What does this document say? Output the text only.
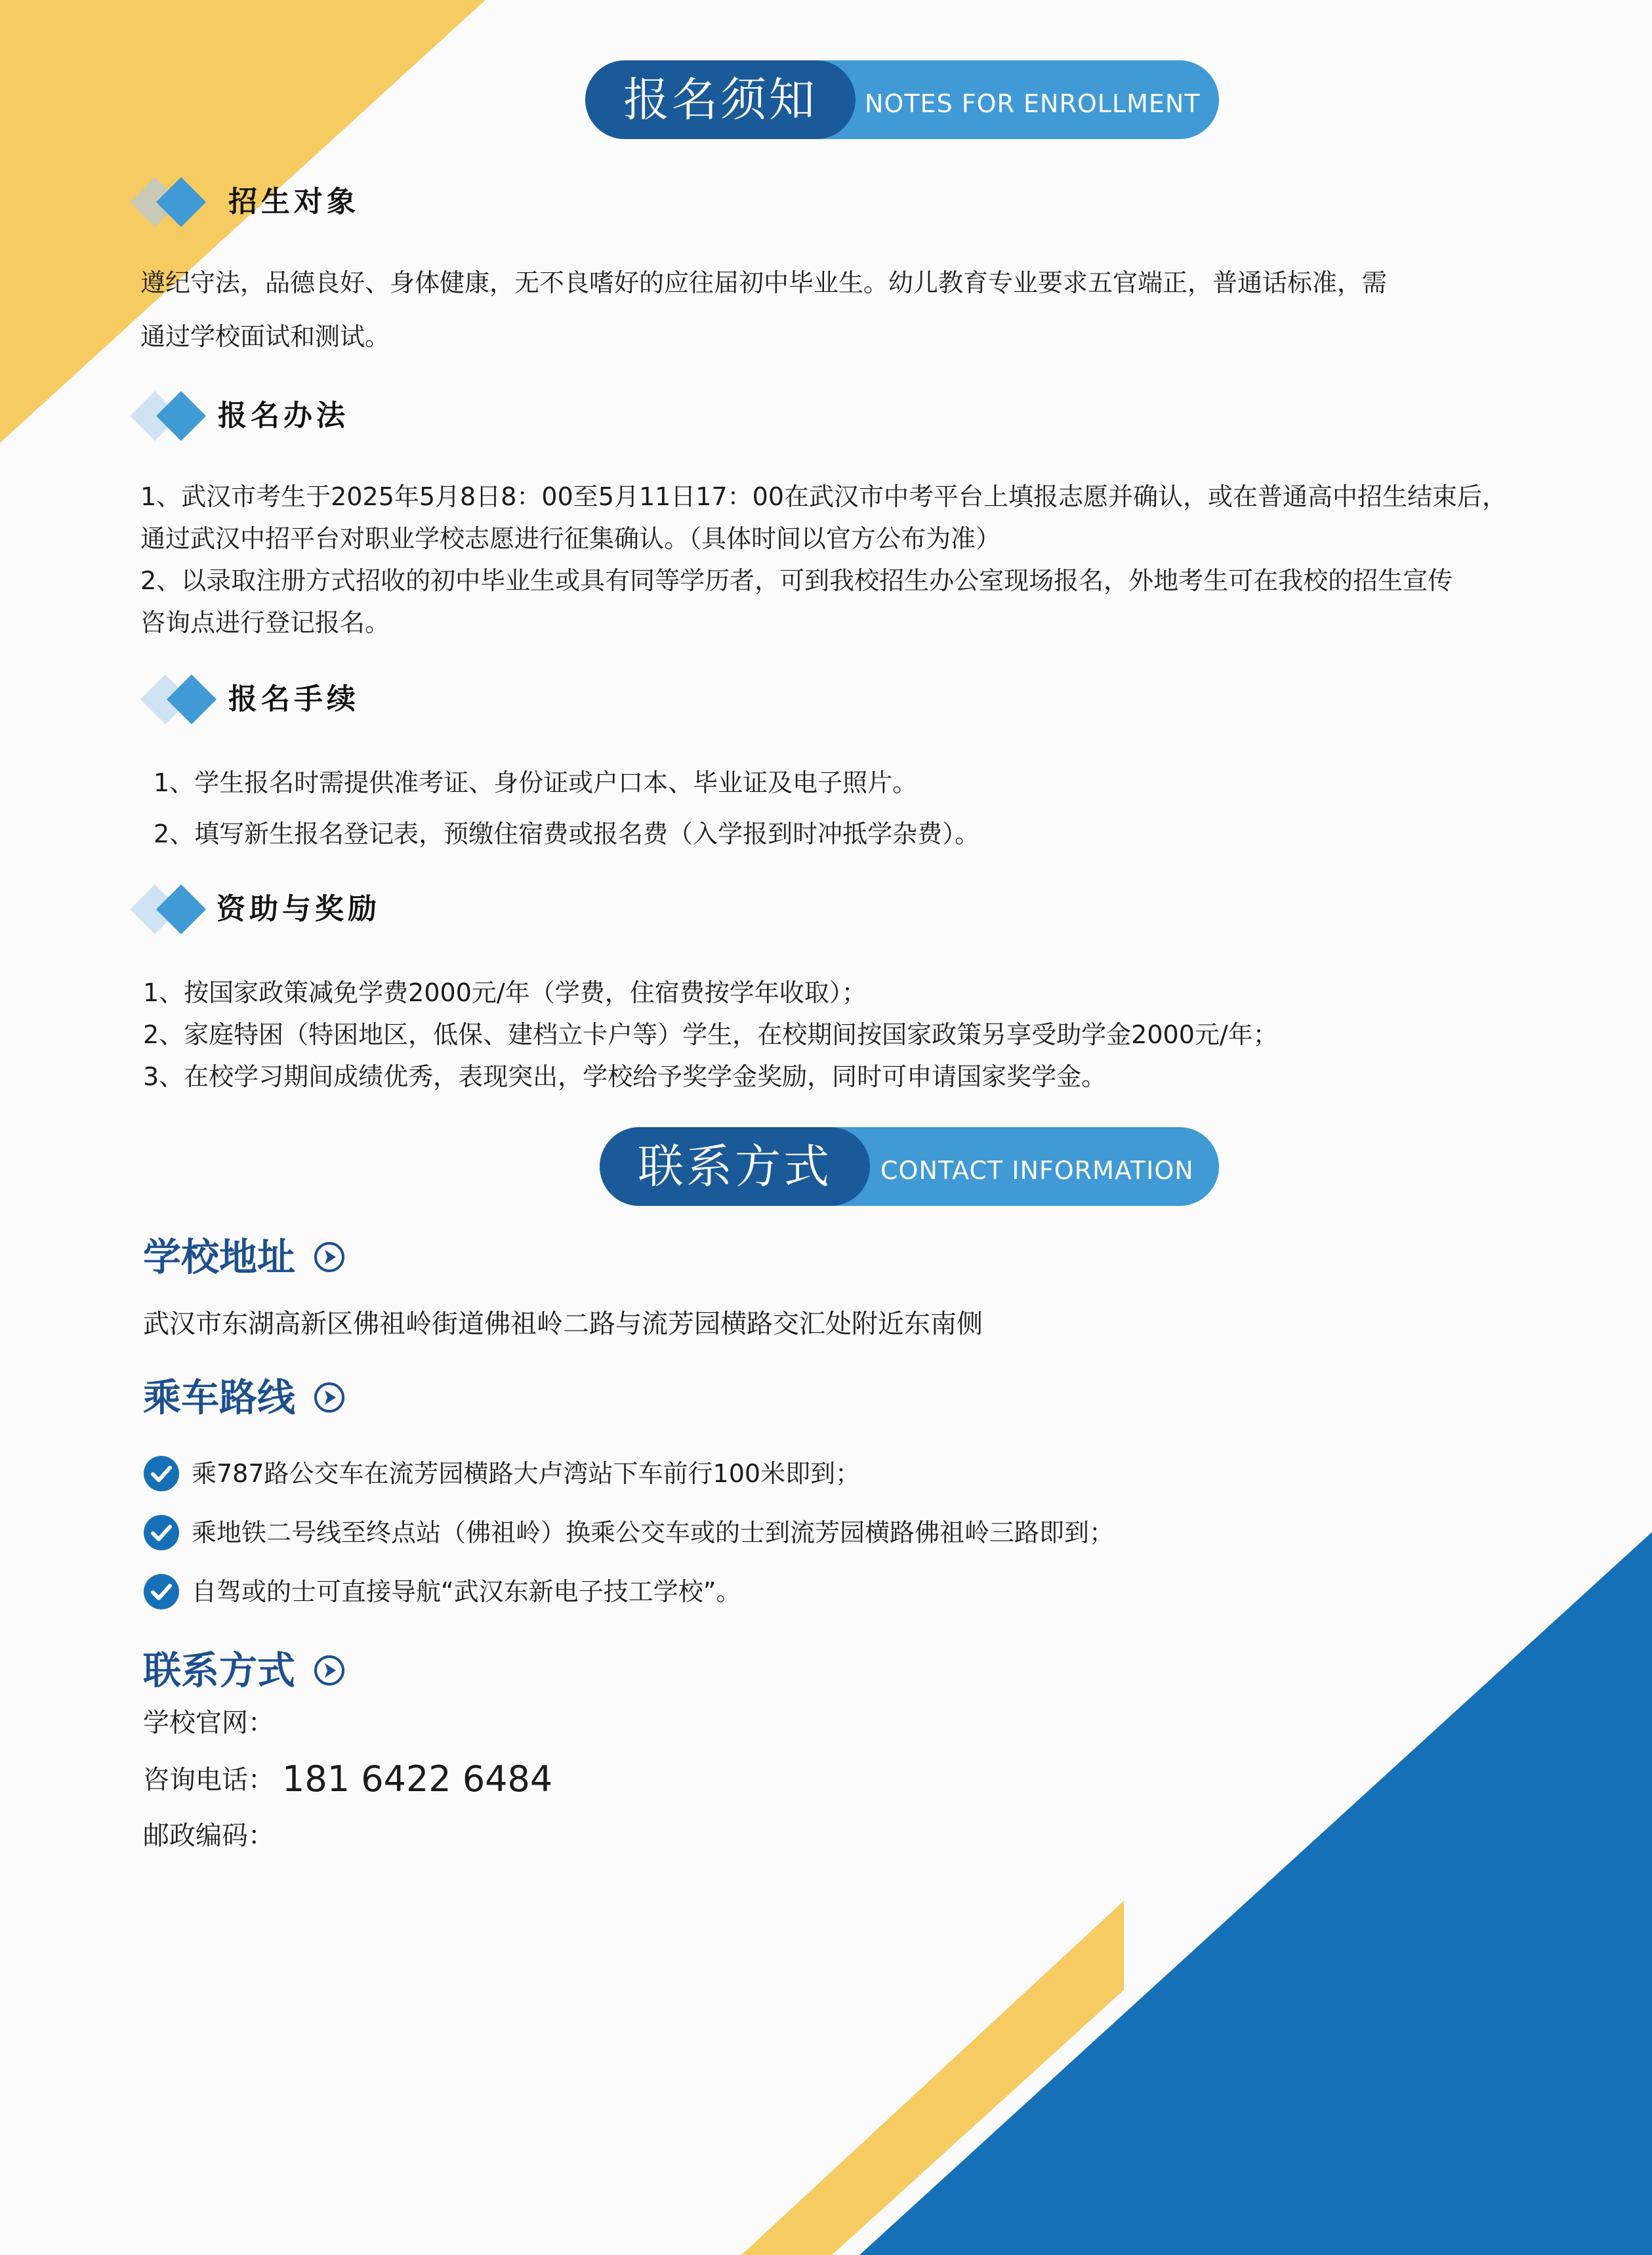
报名须知	NOTES FOR ENROLLMENT
招生对象
遵纪守法，品德良好、身体健康，无不良嗜好的应往届初中毕业生。幼儿教育专业要求五官端正，普通话标准，需
通过学校面试和测试。
报名办法
1、武汉市考生于2025年5月8日8：00至5月11日17：00在武汉市中考平台上填报志愿并确认，或在普通高中招生结束后，
通过武汉中招平台对职业学校志愿进行征集确认。（具体时间以官方公布为准）
2、以录取注册方式招收的初中毕业生或具有同等学历者，可到我校招生办公室现场报名，外地考生可在我校的招生宣传
咨询点进行登记报名。
报名手续
1、学生报名时需提供准考证、身份证或户口本、毕业证及电子照片。
2、填写新生报名登记表，预缴住宿费或报名费（入学报到时冲抵学杂费）。
资助与奖励
1、按国家政策减免学费2000元/年（学费，住宿费按学年收取）；
2、家庭特困（特困地区，低保、建档立卡户等）学生，在校期间按国家政策另享受助学金2000元/年；
3、在校学习期间成绩优秀，表现突出，学校给予奖学金奖励，同时可申请国家奖学金。
联系方式	CONTACT INFORMATION
学校地址
武汉市东湖高新区佛祖岭街道佛祖岭二路与流芳园横路交汇处附近东南侧
乘车路线
乘787路公交车在流芳园横路大卢湾站下车前行100米即到；
乘地铁二号线至终点站（佛祖岭）换乘公交车或的士到流芳园横路佛祖岭三路即到；
自驾或的士可直接导航“武汉东新电子技工学校”。
联系方式
学校官网：
咨询电话： 181 6422 6484
邮政编码：
